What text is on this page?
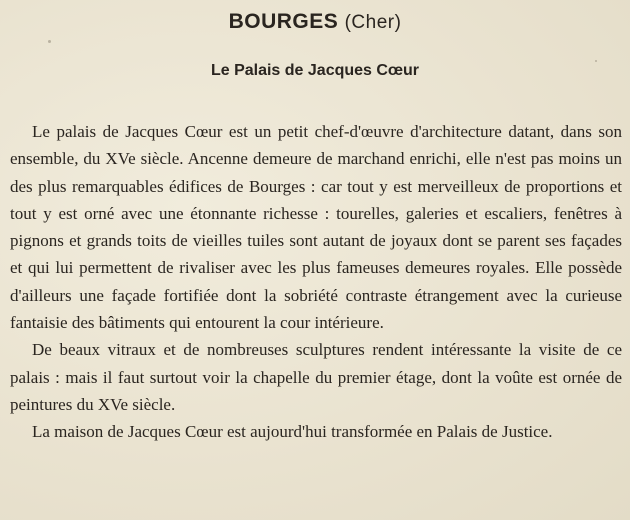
BOURGES (Cher)
Le Palais de Jacques Cœur

Le palais de Jacques Cœur est un petit chef-d'œuvre d'architecture datant, dans son ensemble, du XVe siècle. Ancenne demeure de marchand enrichi, elle n'est pas moins un des plus remarquables édifices de Bourges : car tout y est merveilleux de proportions et tout y est orné avec une étonnante richesse : tourelles, galeries et escaliers, fenêtres à pignons et grands toits de vieilles tuiles sont autant de joyaux dont se parent ses façades et qui lui permettent de rivaliser avec les plus fameuses demeures royales. Elle possède d'ailleurs une façade fortifiée dont la sobriété contraste étrangement avec la curieuse fantaisie des bâtiments qui entourent la cour intérieure.

De beaux vitraux et de nombreuses sculptures rendent intéressante la visite de ce palais : mais il faut surtout voir la chapelle du premier étage, dont la voûte est ornée de peintures du XVe siècle.

La maison de Jacques Cœur est aujourd'hui transformée en Palais de Justice.
